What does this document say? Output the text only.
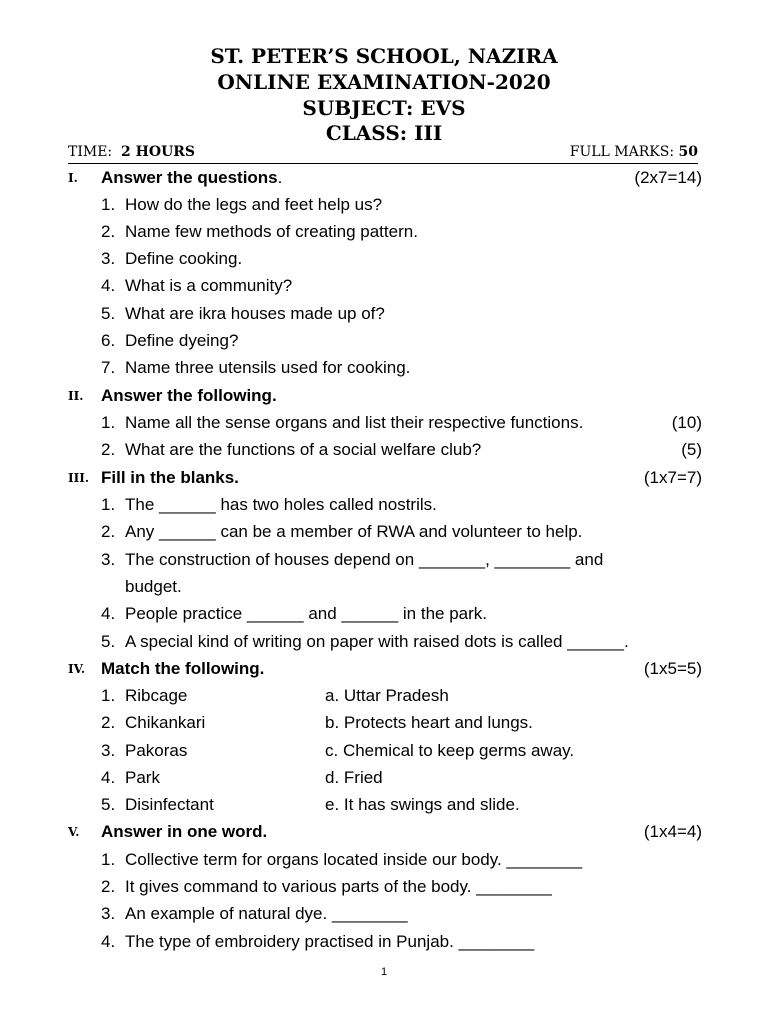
ST. PETER’S SCHOOL, NAZIRA
ONLINE EXAMINATION-2020
SUBJECT: EVS
CLASS: III
TIME: 2 HOURS	FULL MARKS: 50
I. Answer the questions.	(2x7=14)
1. How do the legs and feet help us?
2. Name few methods of creating pattern.
3. Define cooking.
4. What is a community?
5. What are ikra houses made up of?
6. Define dyeing?
7. Name three utensils used for cooking.
II. Answer the following.
1. Name all the sense organs and list their respective functions.	(10)
2. What are the functions of a social welfare club?	(5)
III. Fill in the blanks.	(1x7=7)
1. The ______ has two holes called nostrils.
2. Any ______ can be a member of RWA and volunteer to help.
3. The construction of houses depend on _______, ________ and
budget.
4. People practice ______ and ______ in the park.
5. A special kind of writing on paper with raised dots is called ______.
IV. Match the following.	(1x5=5)
1. Ribcage	a. Uttar Pradesh
2. Chikankari	b. Protects heart and lungs.
3. Pakoras	c. Chemical to keep germs away.
4. Park	d. Fried
5. Disinfectant	e. It has swings and slide.
V. Answer in one word.	(1x4=4)
1. Collective term for organs located inside our body. ________
2. It gives command to various parts of the body. ________
3. An example of natural dye. ________
4. The type of embroidery practised in Punjab. ________
1
